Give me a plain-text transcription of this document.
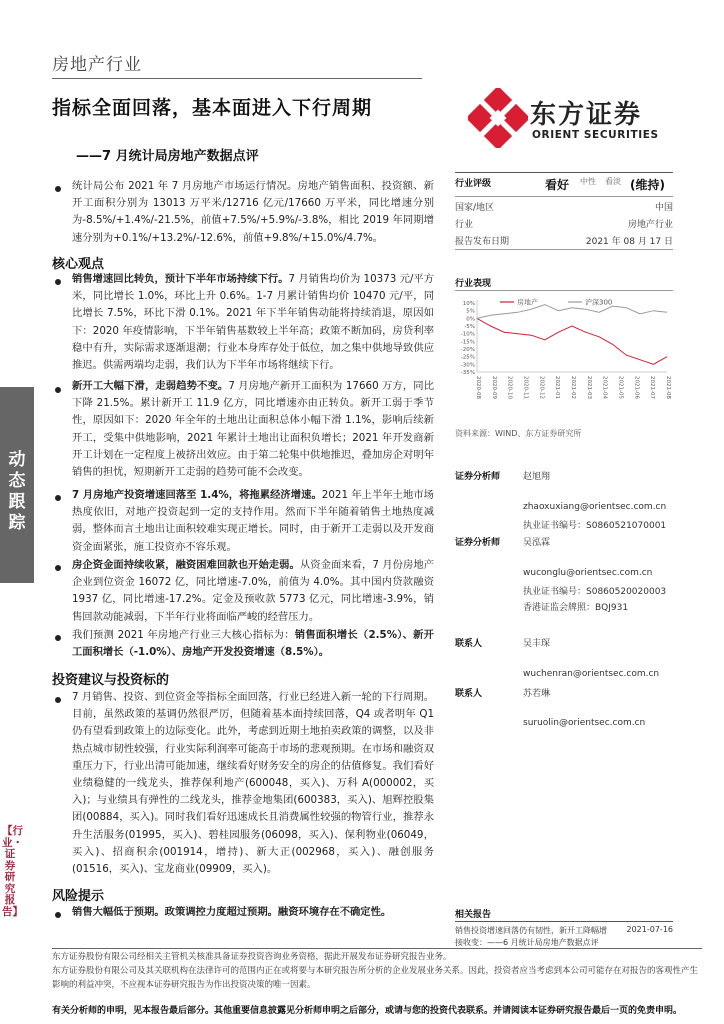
房地产行业
指标全面回落，基本面进入下行周期
——7 月统计局房地产数据点评
东方证券
ORIENT SECURITIES
动
态
跟
踪
【行业・证券研究报告】
统计局公布 2021 年 7 月房地产市场运行情况。房地产销售面积、投资额、新开工面积分别为 13013 万平米/12716 亿元/17660 万平米，同比增速分别为-8.5%/+1.4%/-21.5%，前值+7.5%/+5.9%/-3.8%，相比 2019 年同期增速分别为+0.1%/+13.2%/-12.6%，前值+9.8%/+15.0%/4.7%。
核心观点
销售增速回比转负，预计下半年市场持续下行。7 月销售均价为 10373 元/平方米，同比增长 1.0%，环比上升 0.6%。1-7 月累计销售均价 10470 元/平，同比增长 7.5%，环比下滑 0.1%。2021 年下半年销售动能将持续消退，原因如下：2020 年疫情影响，下半年销售基数较上半年高；政策不断加码，房贷利率稳中有升，实际需求逐渐退潮；行业本身库存处于低位，加之集中供地导致供应推迟。供需两端均走弱，我们认为下半年市场将继续下行。
新开工大幅下滑，走弱趋势不变。7 月房地产新开工面积为 17660 万方，同比下降 21.5%。累计新开工 11.9 亿方，同比增速亦由正转负。新开工弱于季节性，原因如下：2020 年全年的土地出让面积总体小幅下滑 1.1%，影响后续新开工，受集中供地影响，2021 年累计土地出让面积负增长；2021 年开发商新开工计划在一定程度上被挤出效应。由于第二轮集中供地推迟，叠加房企对明年销售的担忧，短期新开工走弱的趋势可能不会改变。
7 月房地产投资增速回落至 1.4%，将拖累经济增速。2021 年上半年土地市场热度依旧，对地产投资起到一定的支持作用。然而下半年随着销售土地热度减弱，整体而言土地出让面积较难实现正增长。同时，由于新开工走弱以及开发商资金面紧张，施工投资亦不容乐观。
房企资金面持续收紧，融资困难回款也开始走弱。从资金面来看，7 月份房地产企业到位资金 16072 亿，同比增速-7.0%，前值为 4.0%。其中国内贷款融资 1937 亿，同比增速-17.2%。定金及预收款 5773 亿元，同比增速-3.9%，销售回款动能减弱，下半年行业将面临严峻的经营压力。
我们预测 2021 年房地产行业三大核心指标为：销售面积增长（2.5%）、新开工面积增长（-1.0%）、房地产开发投资增速（8.5%）。
投资建议与投资标的
7 月销售、投资、到位资金等指标全面回落，行业已经进入新一轮的下行周期。目前，虽然政策的基调仍然很严厉，但随着基本面持续回落，Q4 或者明年 Q1 仍有望看到政策上的边际变化。此外，考虑到近期土地拍卖政策的调整，以及非热点城市韧性较强，行业实际利润率可能高于市场的悲观预期。在市场和融资双重压力下，行业出清可能加速，继续看好财务安全的房企的估值修复。我们看好业绩稳健的一线龙头，推荐保利地产(600048，买入)、万科 A(000002，买入)；与业绩具有弹性的二线龙头，推荐金地集团(600383，买入)、旭辉控股集团(00884，买入)。同时我们看好迅速成长且消费属性较强的物管行业，推荐永升生活服务(01995，买入)、碧桂园服务(06098，买入)、保利物业(06049，买入)、招商积余(001914，增持)、新大正(002968，买入)、融创服务(01516，买入)、宝龙商业(09909，买入)。
风险提示
销售大幅低于预期。政策调控力度超过预期。融资环境存在不确定性。
行业评级	看好 中性 看淡 (维持)
国家/地区	中国
行业	房地产行业
报告发布日期	2021 年 08 月 17 日
行业表现
10%
5%
0%
-5%
-10%
-15%
-20%
-25%
-30%
-35%
2020-08 2020-09 2020-10 2020-11 2020-12 2021-01 2021-02 2021-03 2021-04 2021-05 2021-06 2021-07 2021-08
房地产	沪深300
资料来源：WIND、东方证券研究所
证券分析师	赵旭翔
zhaoxuxiang@orientsec.com.cn
执业证书编号：S0860521070001
证券分析师	吴泓霖
wuconglu@orientsec.com.cn
执业证书编号：S0860520020003
香港证监会牌照：BQJ931
联系人	吴丰琛
wuchenran@orientsec.com.cn
联系人	苏若琳
suruolin@orientsec.com.cn
相关报告
销售投资增速回落仍有韧性，新开工降幅增 2021-07-16
接收变：——6 月统计局房地产数据点评
东方证券股份有限公司经相关主管机关核准具备证券投资咨询业务资格，据此开展发布证券研究报告业务。
东方证券股份有限公司及其关联机构在法律许可的范围内正在或将要与本研究报告所分析的企业发展业务关系。因此，投资者应当考虑到本公司可能存在对报告的客观性产生影响的利益冲突，不应视本证券研究报告为作出投资决策的唯一因素。
有关分析师的申明，见本报告最后部分。其他重要信息披露见分析师申明之后部分，或请与您的投资代表联系。并请阅读本证券研究报告最后一页的免责申明。
